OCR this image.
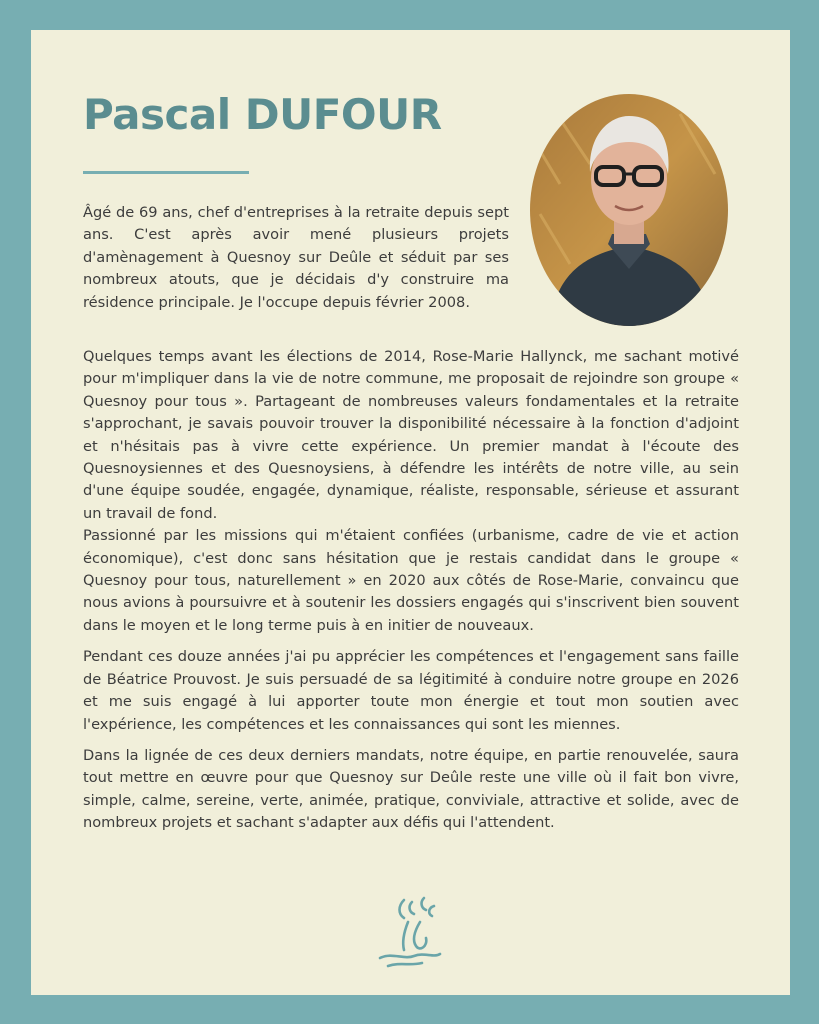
Pascal DUFOUR

Âgé de 69 ans, chef d'entreprises à la retraite depuis sept ans. C'est après avoir mené plusieurs projets d'amènagement à Quesnoy sur Deûle et séduit par ses nombreux atouts, que je décidais d'y construire ma résidence principale. Je l'occupe depuis février 2008.

Quelques temps avant les élections de 2014, Rose-Marie Hallynck, me sachant motivé pour m'impliquer dans la vie de notre commune, me proposait de rejoindre son groupe « Quesnoy pour tous ». Partageant de nombreuses valeurs fondamentales et la retraite s'approchant, je savais pouvoir trouver la disponibilité nécessaire à la fonction d'adjoint et n'hésitais pas à vivre cette expérience. Un premier mandat à l'écoute des Quesnoysiennes et des Quesnoysiens, à défendre les intérêts de notre ville, au sein d'une équipe soudée, engagée, dynamique, réaliste, responsable, sérieuse et assurant un travail de fond.

Passionné par les missions qui m'étaient confiées (urbanisme, cadre de vie et action économique), c'est donc sans hésitation que je restais candidat dans le groupe « Quesnoy pour tous, naturellement » en 2020 aux côtés de Rose-Marie, convaincu que nous avions à poursuivre et à soutenir les dossiers engagés qui s'inscrivent bien souvent dans le moyen et le long terme puis à en initier de nouveaux.

Pendant ces douze années j'ai pu apprécier les compétences et l'engagement sans faille de Béatrice Prouvost. Je suis persuadé de sa légitimité à conduire notre groupe en 2026 et me suis engagé à lui apporter toute mon énergie et tout mon soutien avec l'expérience, les compétences et les connaissances qui sont les miennes.

Dans la lignée de ces deux derniers mandats, notre équipe, en partie renouvelée, saura tout mettre en œuvre pour que Quesnoy sur Deûle reste une ville où il fait bon vivre, simple, calme, sereine, verte, animée, pratique, conviviale, attractive et solide, avec de nombreux projets et sachant s'adapter aux défis qui l'attendent.
